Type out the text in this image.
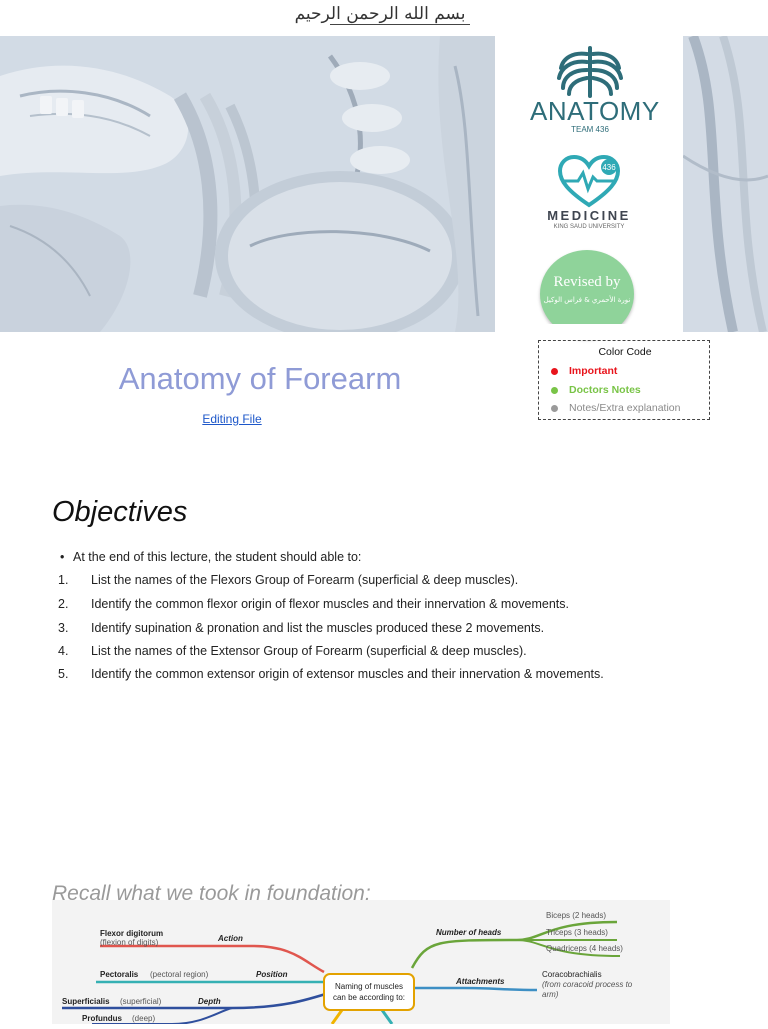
بسم الله الرحمن الرحيم
ANATOMY
TEAM 436
436
MEDICINE
KING SAUD UNIVERSITY
Revised by
نورة الأحمري & فراس الوكيل
Anatomy of Forearm
Editing File
Color Code
Important
Doctors Notes
Notes/Extra explanation
Objectives
• At the end of this lecture, the student should able to:
1. List the names of the Flexors Group of Forearm (superficial & deep muscles).
2. Identify the common flexor origin of flexor muscles and their innervation & movements.
3. Identify supination & pronation and list the muscles produced these 2 movements.
4. List the names of the Extensor Group of Forearm (superficial & deep muscles).
5. Identify the common extensor origin of extensor muscles and their innervation & movements.
Naming of muscles
can be according to:
Flexor digitorum
(flexion of digits)	Action
Pectoralis (pectoral region)	Position
Superficialis (superficial)	Depth
Profundus (deep)
Number of heads
Biceps (2 heads)
Triceps (3 heads)
Quadriceps (4 heads)
Attachments
Coracobrachialis
(from coracoid process to
arm)
Recall what we took in foundation:
